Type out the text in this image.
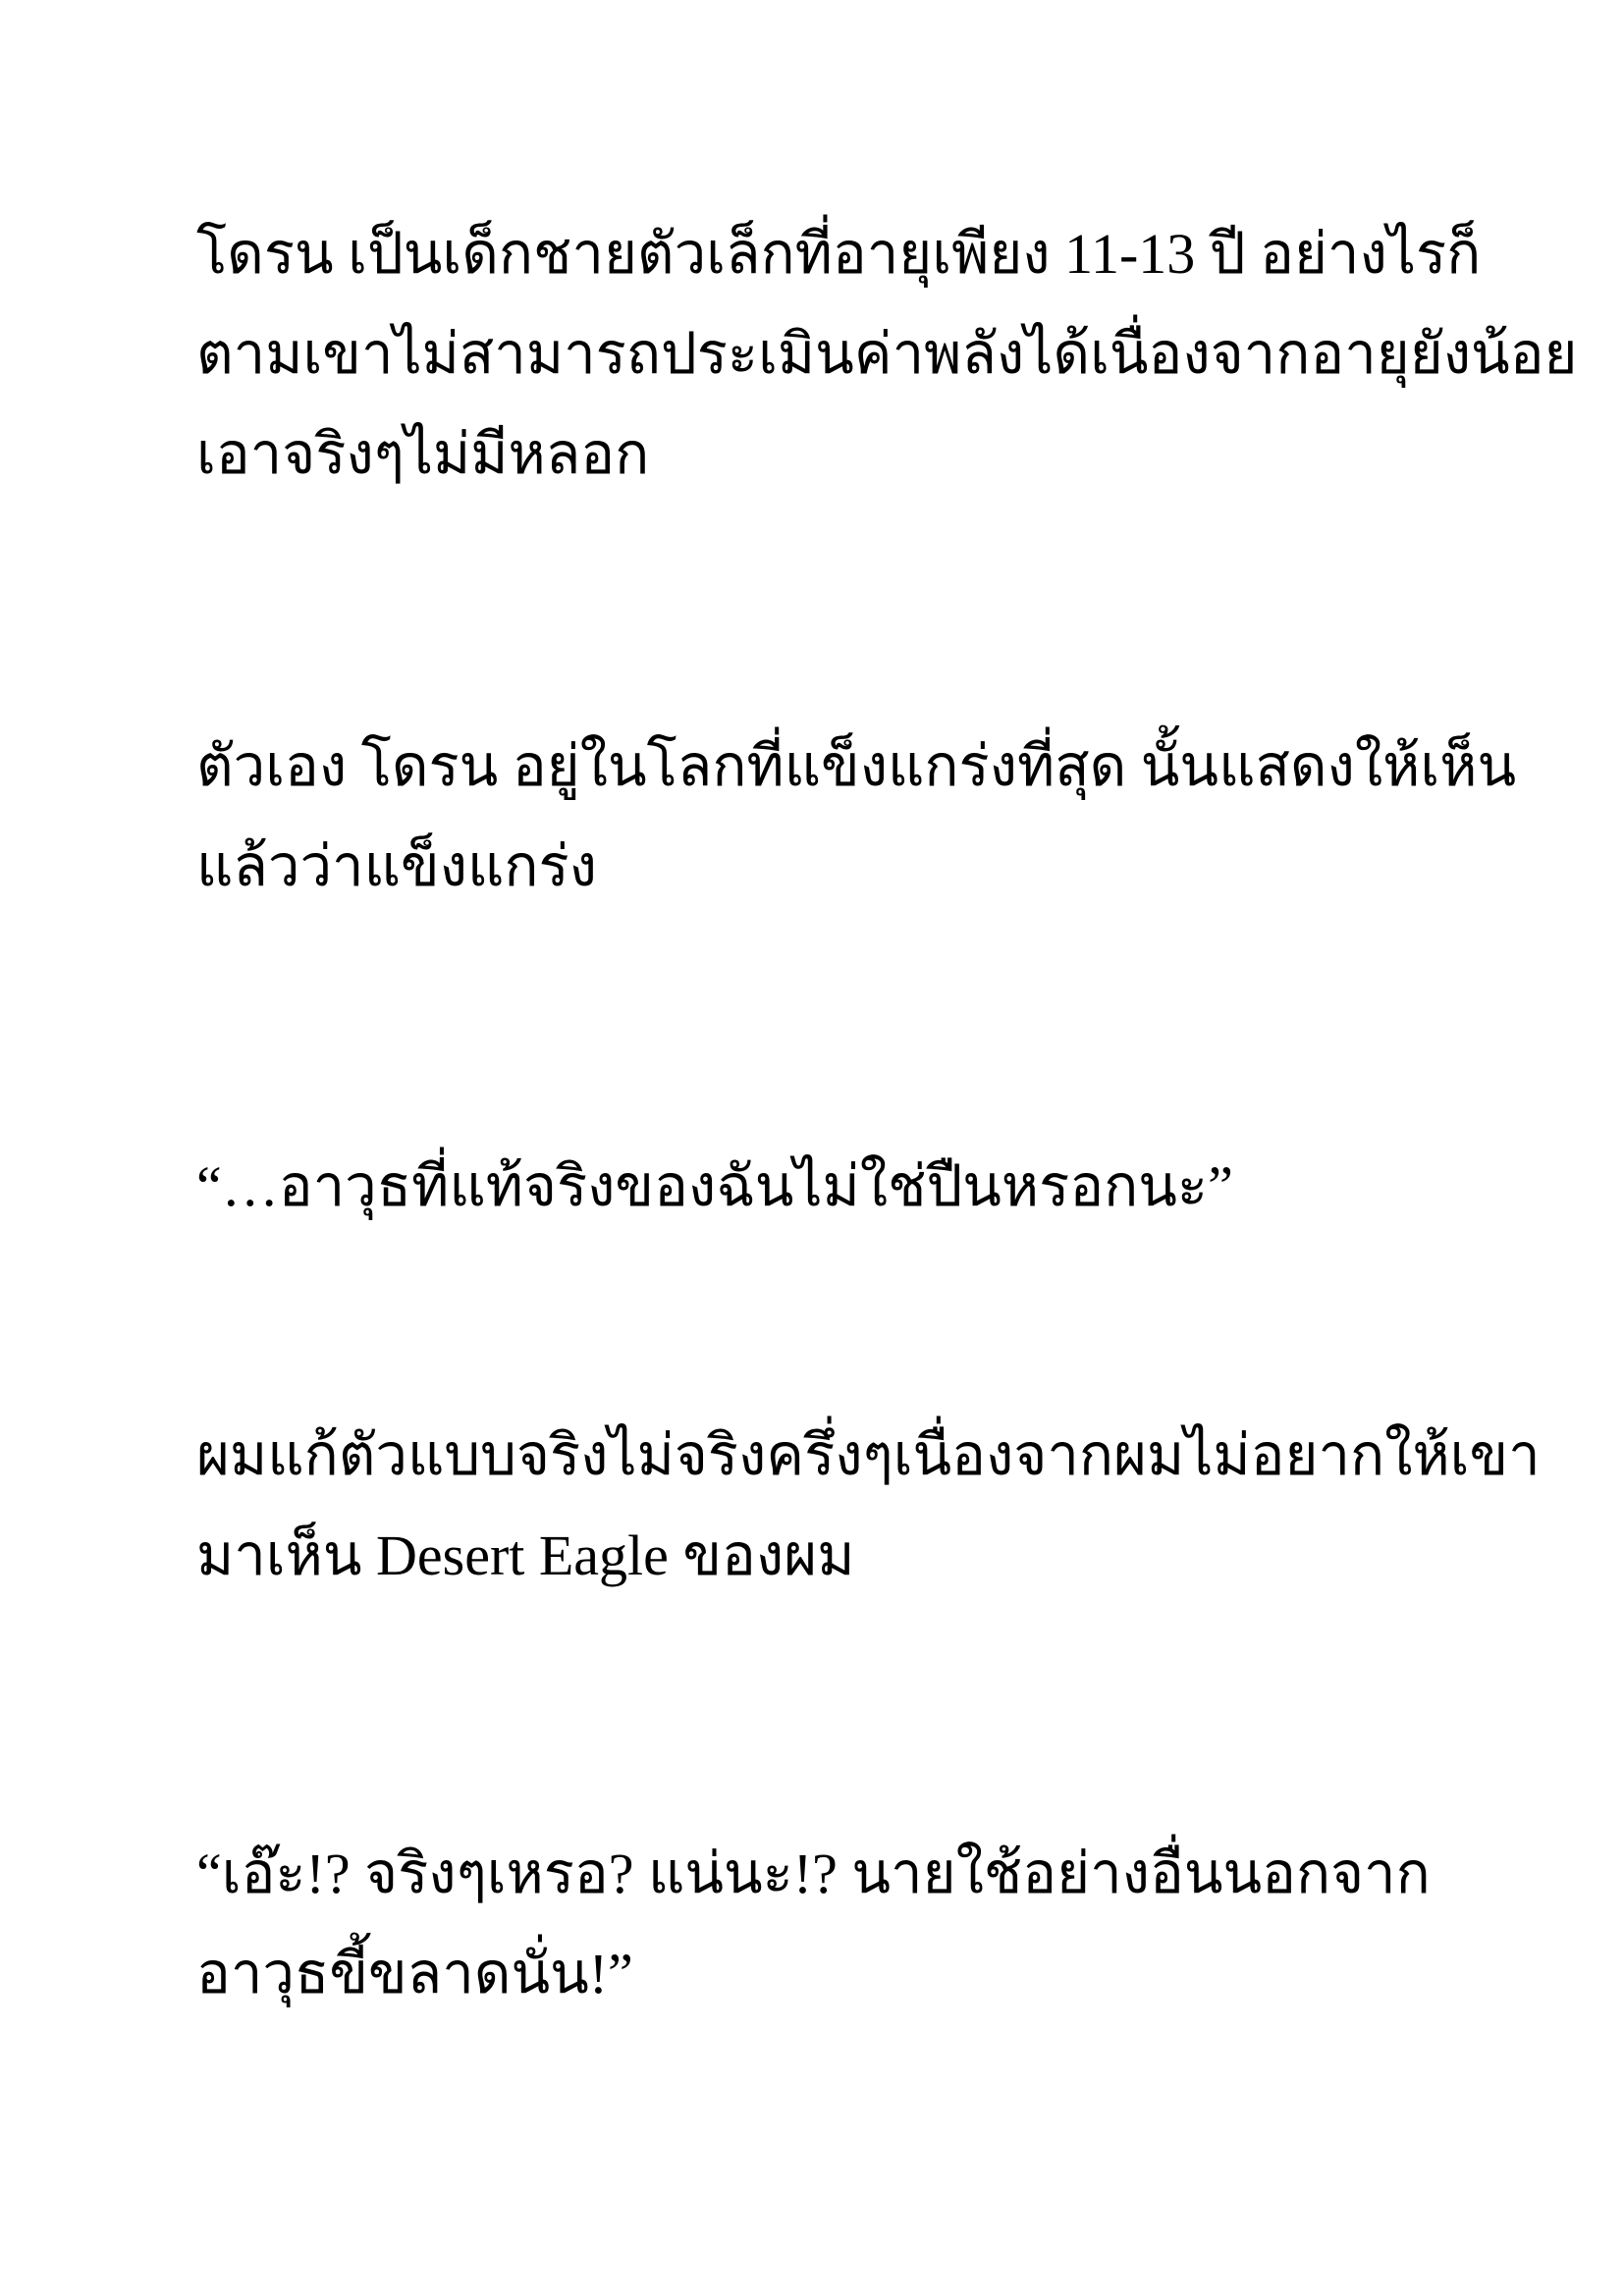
โดรน เป็นเด็กชายตัวเล็กที่อายุเพียง 11-13 ปี อย่างไรก็
ตามเขาไม่สามารถประเมินค่าพลังได้เนื่องจากอายุยังน้อย
เอาจริงๆไม่มีหลอก

ตัวเอง โดรน อยู่ในโลกที่แข็งแกร่งที่สุด นั้นแสดงให้เห็น
แล้วว่าแข็งแกร่ง

“…อาวุธที่แท้จริงของฉันไม่ใช่ปืนหรอกนะ”

ผมแก้ตัวแบบจริงไม่จริงครึ่งๆเนื่องจากผมไม่อยากให้เขา
มาเห็น Desert Eagle ของผม

“เอ๊ะ!? จริงๆเหรอ? แน่นะ!? นายใช้อย่างอื่นนอกจาก
อาวุธขี้ขลาดนั่น!”
